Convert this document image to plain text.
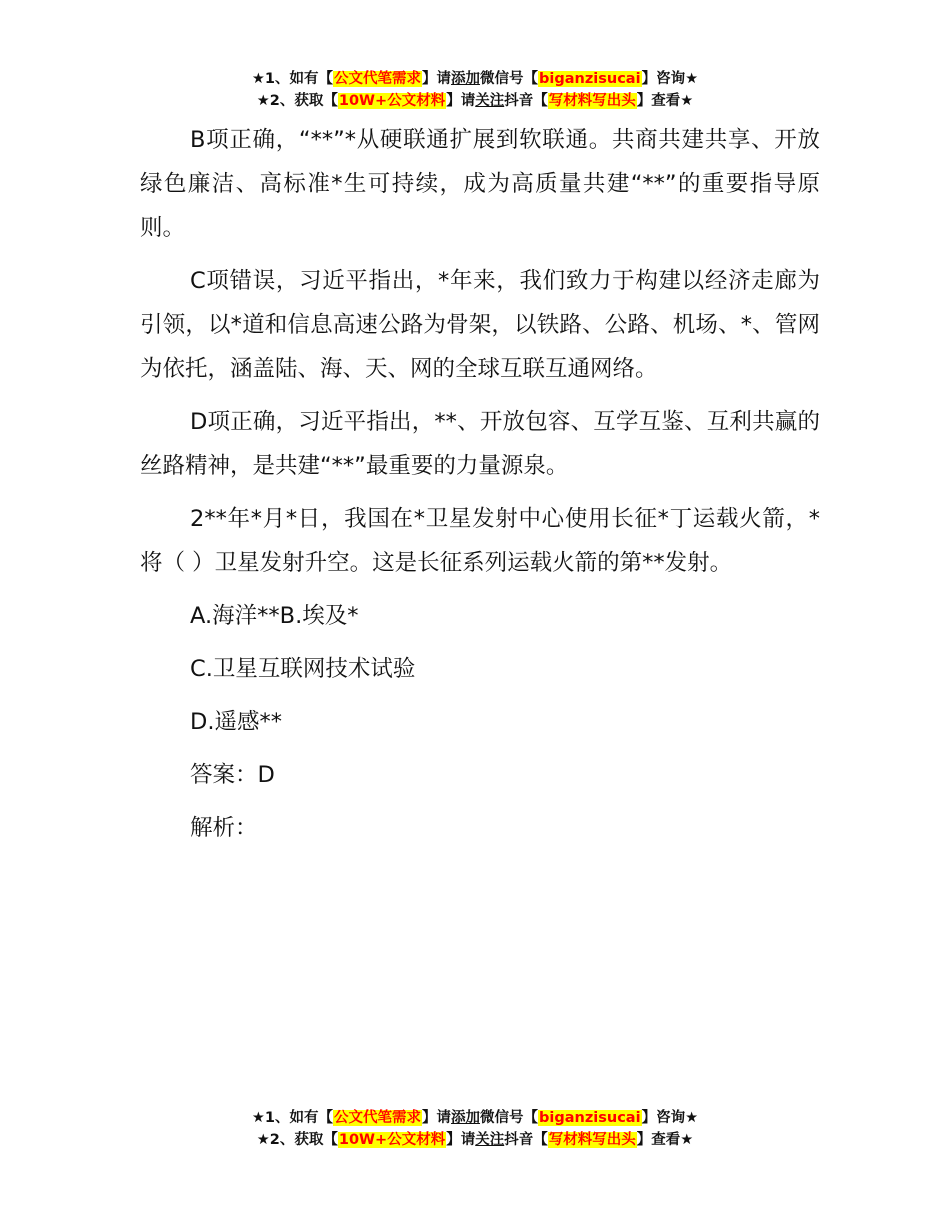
★1、如有【公文代笔需求】请添加微信号【biganzisucai】咨询★
★2、获取【10W+公文材料】请关注抖音【写材料写出头】查看★

B项正确，“**”*从硬联通扩展到软联通。共商共建共享、开放绿色廉洁、高标准*生可持续，成为高质量共建“**”的重要指导原则。

C项错误，习近平指出，*年来，我们致力于构建以经济走廊为引领，以*道和信息高速公路为骨架，以铁路、公路、机场、*、管网为依托，涵盖陆、海、天、网的全球互联互通网络。

D项正确，习近平指出，**、开放包容、互学互鉴、互利共赢的丝路精神，是共建“**”最重要的力量源泉。

2**年*月*日，我国在*卫星发射中心使用长征*丁运载火箭，*将（ ）卫星发射升空。这是长征系列运载火箭的第**发射。

A.海洋**B.埃及*

C.卫星互联网技术试验

D.遥感**

答案：D

解析：

★1、如有【公文代笔需求】请添加微信号【biganzisucai】咨询★
★2、获取【10W+公文材料】请关注抖音【写材料写出头】查看★
